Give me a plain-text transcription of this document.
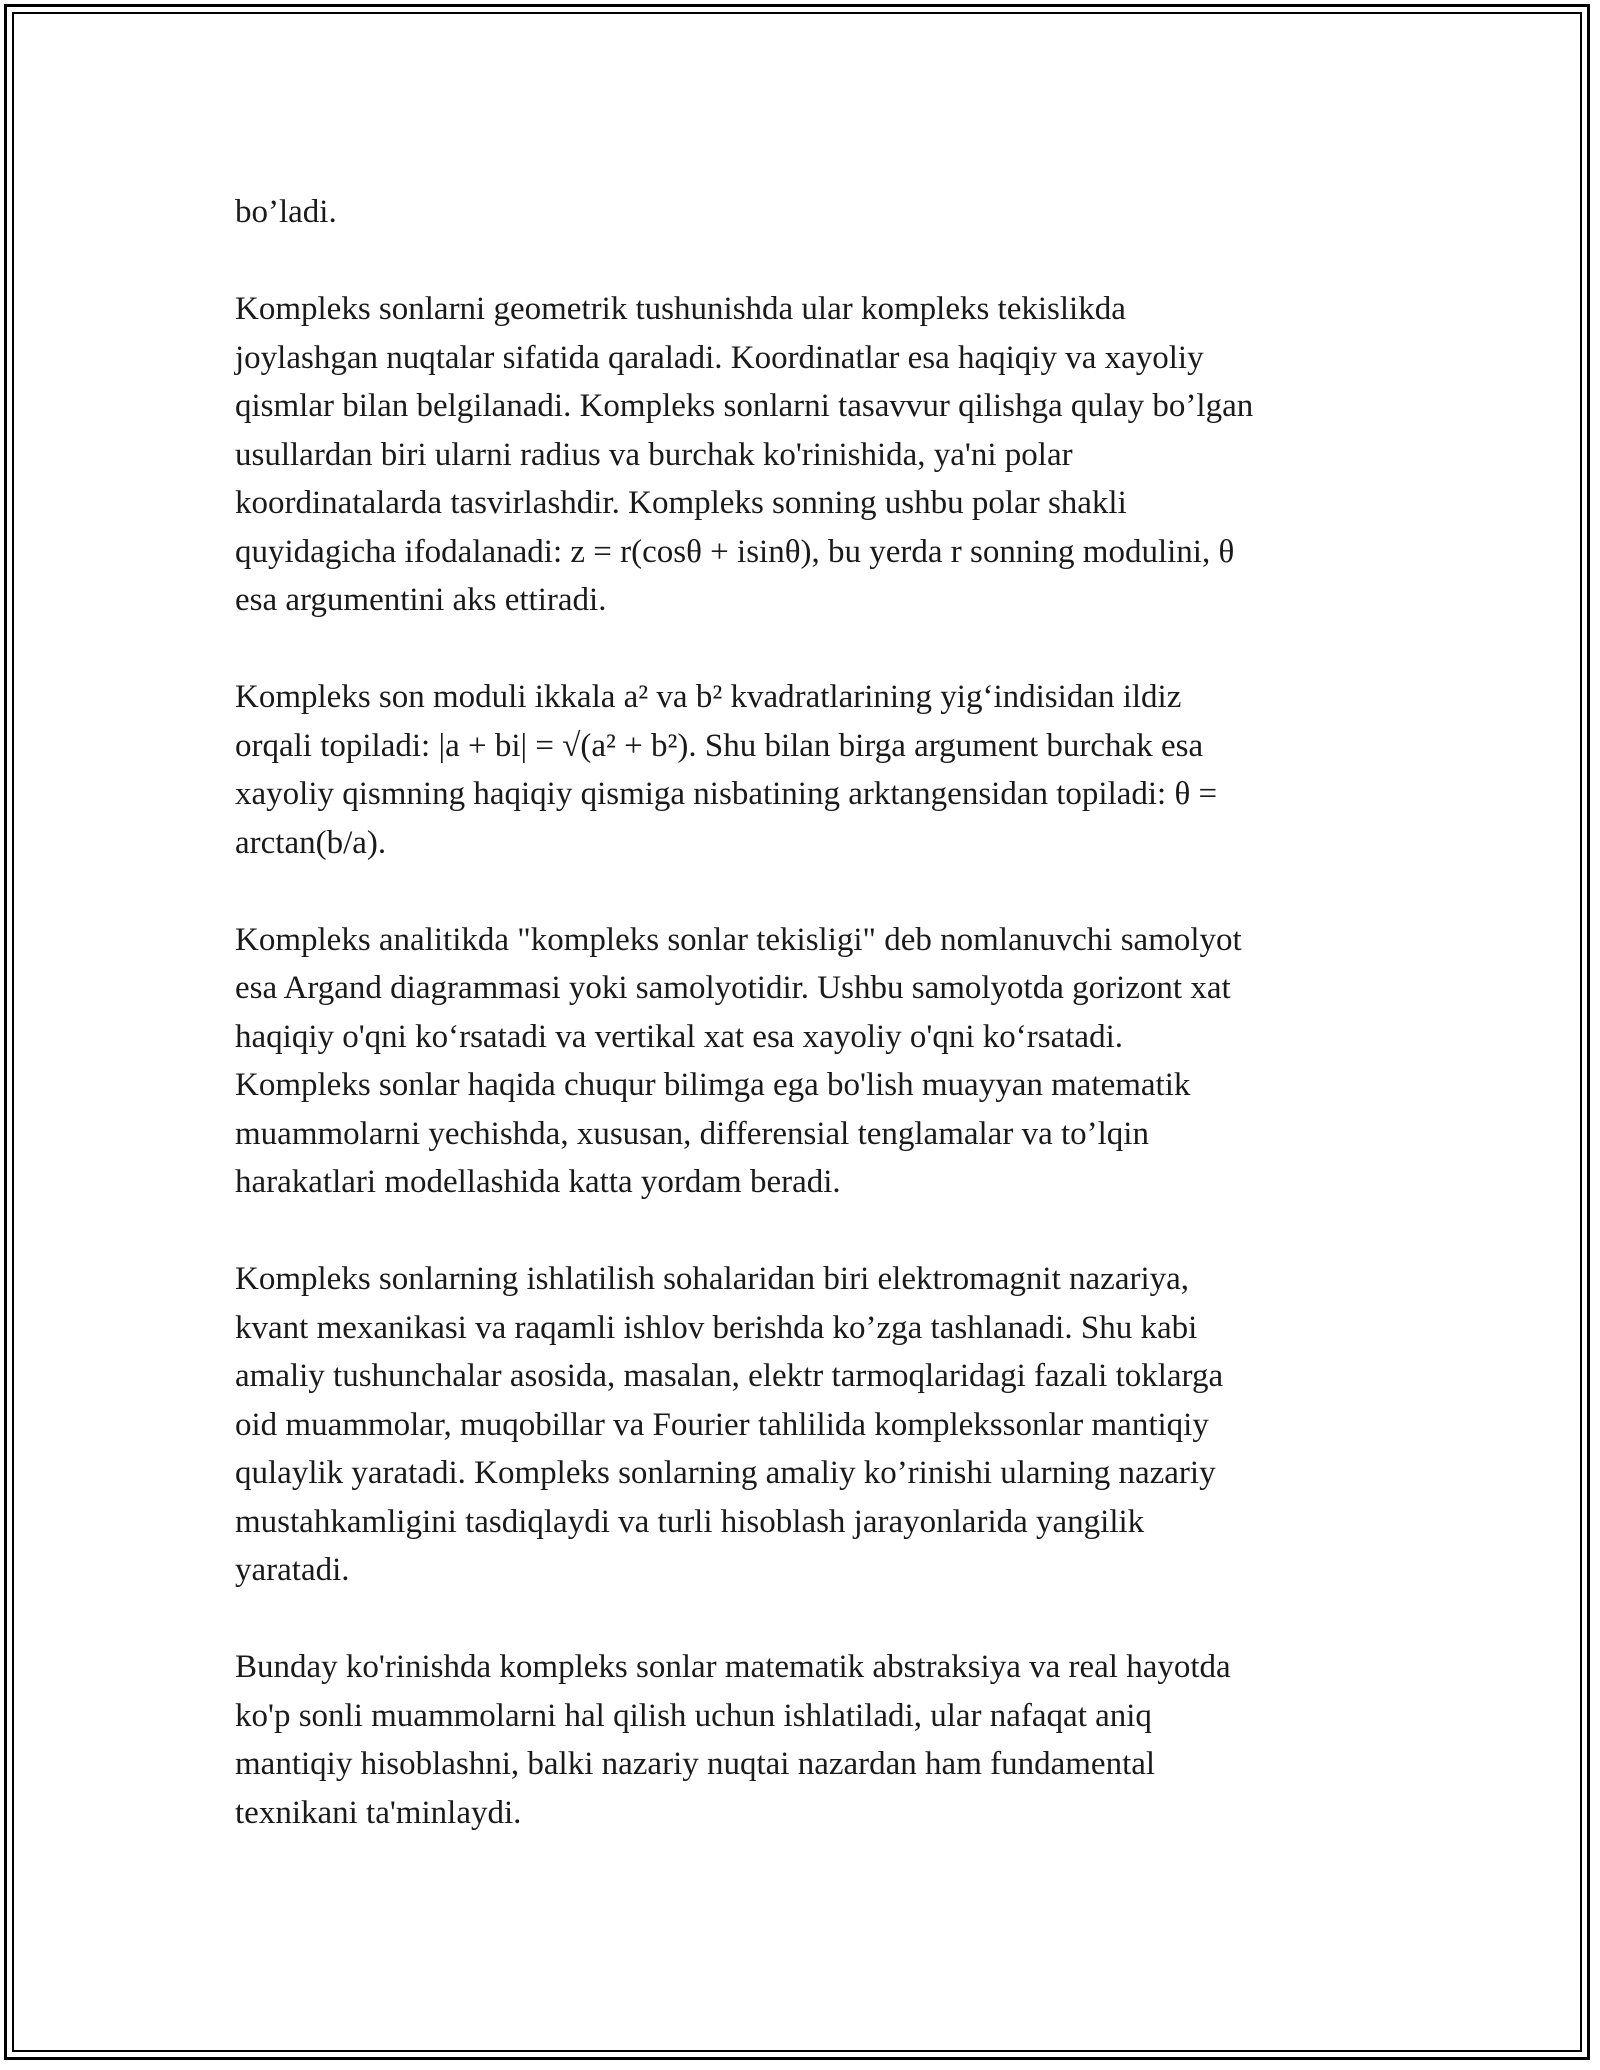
bo’ladi.

Kompleks sonlarni geometrik tushunishda ular kompleks tekislikda
joylashgan nuqtalar sifatida qaraladi. Koordinatlar esa haqiqiy va xayoliy
qismlar bilan belgilanadi. Kompleks sonlarni tasavvur qilishga qulay bo’lgan
usullardan biri ularni radius va burchak ko'rinishida, ya'ni polar
koordinatalarda tasvirlashdir. Kompleks sonning ushbu polar shakli
quyidagicha ifodalanadi: z = r(cosθ + isinθ), bu yerda r sonning modulini, θ
esa argumentini aks ettiradi.

Kompleks son moduli ikkala a² va b² kvadratlarining yig‘indisidan ildiz
orqali topiladi: |a + bi| = √(a² + b²). Shu bilan birga argument burchak esa
xayoliy qismning haqiqiy qismiga nisbatining arktangensidan topiladi: θ =
arctan(b/a).

Kompleks analitikda "kompleks sonlar tekisligi" deb nomlanuvchi samolyot
esa Argand diagrammasi yoki samolyotidir. Ushbu samolyotda gorizont xat
haqiqiy o'qni ko‘rsatadi va vertikal xat esa xayoliy o'qni ko‘rsatadi.
Kompleks sonlar haqida chuqur bilimga ega bo'lish muayyan matematik
muammolarni yechishda, xususan, differensial tenglamalar va to’lqin
harakatlari modellashida katta yordam beradi.

Kompleks sonlarning ishlatilish sohalaridan biri elektromagnit nazariya,
kvant mexanikasi va raqamli ishlov berishda ko’zga tashlanadi. Shu kabi
amaliy tushunchalar asosida, masalan, elektr tarmoqlaridagi fazali toklarga
oid muammolar, muqobillar va Fourier tahlilida komplekssonlar mantiqiy
qulaylik yaratadi. Kompleks sonlarning amaliy ko’rinishi ularning nazariy
mustahkamligini tasdiqlaydi va turli hisoblash jarayonlarida yangilik
yaratadi.

Bunday ko'rinishda kompleks sonlar matematik abstraksiya va real hayotda
ko'p sonli muammolarni hal qilish uchun ishlatiladi, ular nafaqat aniq
mantiqiy hisoblashni, balki nazariy nuqtai nazardan ham fundamental
texnikani ta'minlaydi.
